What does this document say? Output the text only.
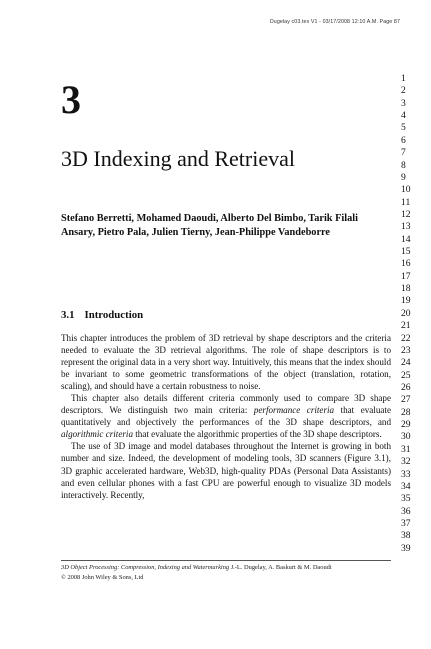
Dugelay c03.tex V1 - 03/17/2008 12:10 A.M. Page 87
3
3D Indexing and Retrieval
Stefano Berretti, Mohamed Daoudi, Alberto Del Bimbo, Tarik Filali Ansary, Pietro Pala, Julien Tierny, Jean-Philippe Vandeborre
3.1 Introduction

This chapter introduces the problem of 3D retrieval by shape descriptors and the criteria needed to evaluate the 3D retrieval algorithms. The role of shape descriptors is to represent the original data in a very short way. Intuitively, this means that the index should be invariant to some geometric transformations of the object (translation, rotation, scaling), and should have a certain robustness to noise.

This chapter also details different criteria commonly used to compare 3D shape descriptors. We distinguish two main criteria: performance criteria that evaluate quantitatively and objectively the performances of the 3D shape descriptors, and algorithmic criteria that evaluate the algorithmic properties of the 3D shape descriptors.

The use of 3D image and model databases throughout the Internet is growing in both number and size. Indeed, the development of modeling tools, 3D scanners (Figure 3.1), 3D graphic accelerated hardware, Web3D, high-quality PDAs (Personal Data Assistants) and even cellular phones with a fast CPU are powerful enough to visualize 3D models interactively. Recently,

3D Object Processing: Compression, Indexing and Watermarking J.-L. Dugelay, A. Baskurt & M. Daoudi
© 2008 John Wiley & Sons, Ltd
1
2
3
4
5
6
7
8
9
10
11
12
13
14
15
16
17
18
19
20
21
22
23
24
25
26
27
28
29
30
31
32
33
34
35
36
37
38
39
